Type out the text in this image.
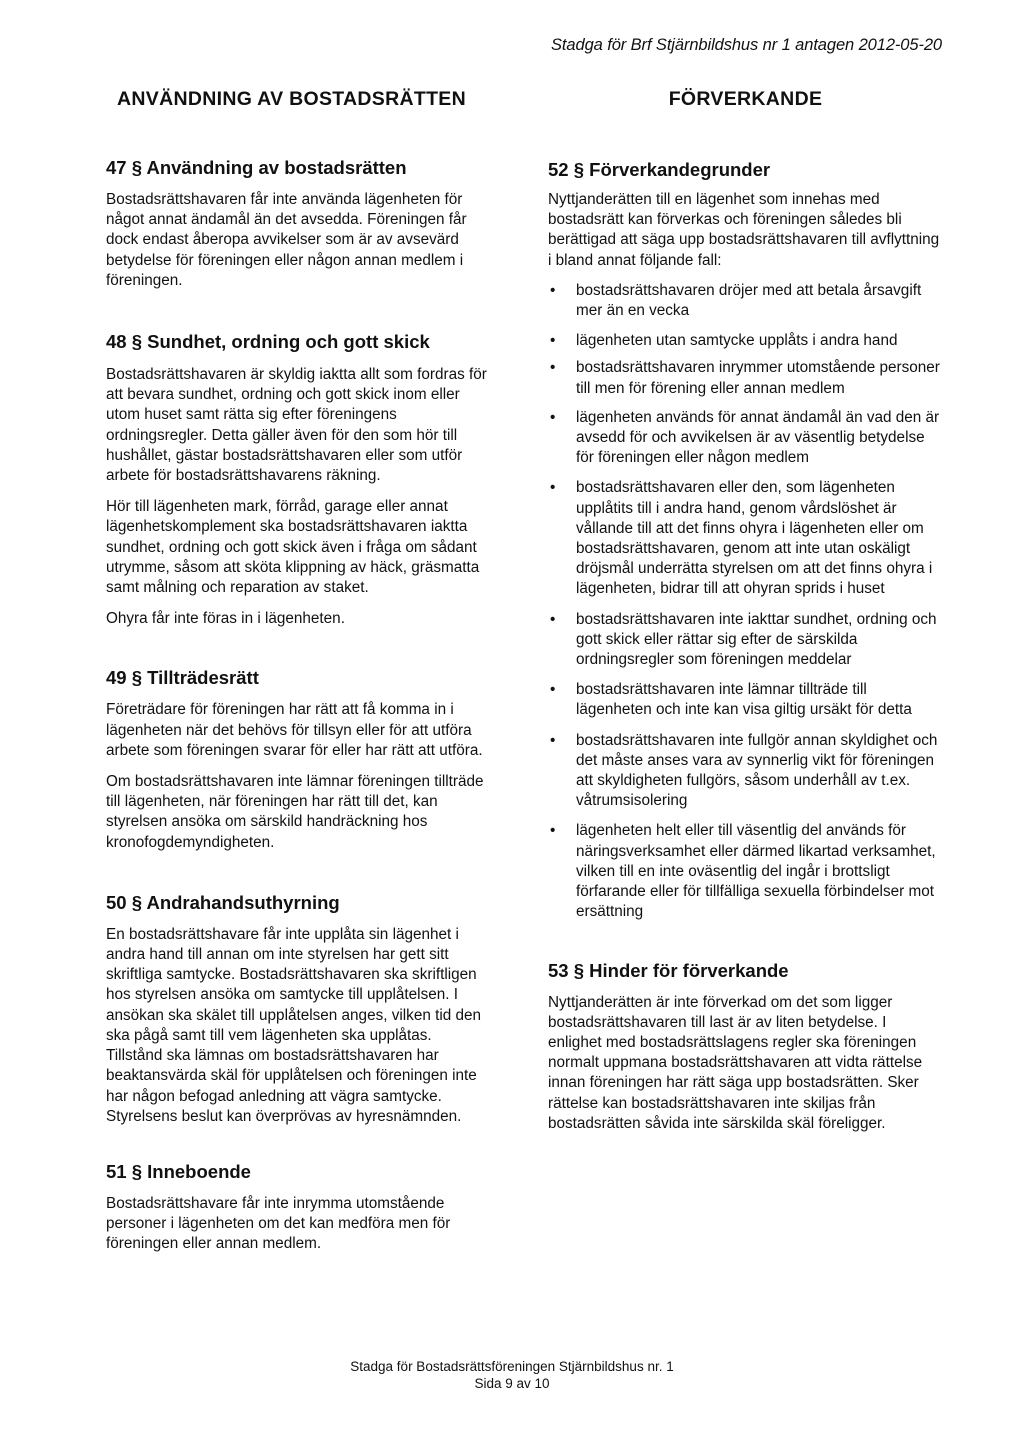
Stadga för Brf Stjärnbildshus nr 1 antagen 2012-05-20
ANVÄNDNING AV BOSTADSRÄTTEN
47 § Användning av bostadsrätten

Bostadsrättshavaren får inte använda lägenheten för något annat ändamål än det avsedda. Föreningen får dock endast åberopa avvikelser som är av avsevärd betydelse för föreningen eller någon annan medlem i föreningen.

48 § Sundhet, ordning och gott skick

Bostadsrättshavaren är skyldig iaktta allt som fordras för att bevara sundhet, ordning och gott skick inom eller utom huset samt rätta sig efter föreningens ordningsregler. Detta gäller även för den som hör till hushållet, gästar bostadsrättshavaren eller som utför arbete för bostadsrättshavarens räkning.

Hör till lägenheten mark, förråd, garage eller annat lägenhetskomplement ska bostadsrättshavaren iaktta sundhet, ordning och gott skick även i fråga om sådant utrymme, såsom att sköta klippning av häck, gräsmatta samt målning och reparation av staket.

Ohyra får inte föras in i lägenheten.

49 § Tillträdesrätt

Företrädare för föreningen har rätt att få komma in i lägenheten när det behövs för tillsyn eller för att utföra arbete som föreningen svarar för eller har rätt att utföra.

Om bostadsrättshavaren inte lämnar föreningen tillträde till lägenheten, när föreningen har rätt till det, kan styrelsen ansöka om särskild handräckning hos kronofogdemyndigheten.

50 § Andrahandsuthyrning

En bostadsrättshavare får inte upplåta sin lägenhet i andra hand till annan om inte styrelsen har gett sitt skriftliga samtycke. Bostadsrättshavaren ska skriftligen hos styrelsen ansöka om samtycke till upplåtelsen. I ansökan ska skälet till upplåtelsen anges, vilken tid den ska pågå samt till vem lägenheten ska upplåtas. Tillstånd ska lämnas om bostadsrättshavaren har beaktansvärda skäl för upplåtelsen och föreningen inte har någon befogad anledning att vägra samtycke. Styrelsens beslut kan överprövas av hyresnämnden.

51 § Inneboende

Bostadsrättshavare får inte inrymma utomstående personer i lägenheten om det kan medföra men för föreningen eller annan medlem.

FÖRVERKANDE
52 § Förverkandegrunder

Nyttjanderätten till en lägenhet som innehas med bostadsrätt kan förverkas och föreningen således bli berättigad att säga upp bostadsrättshavaren till avflyttning i bland annat följande fall:

• bostadsrättshavaren dröjer med att betala årsavgift mer än en vecka
• lägenheten utan samtycke upplåts i andra hand
• bostadsrättshavaren inrymmer utomstående personer till men för förening eller annan medlem
• lägenheten används för annat ändamål än vad den är avsedd för och avvikelsen är av väsentlig betydelse för föreningen eller någon medlem
• bostadsrättshavaren eller den, som lägenheten upplåtits till i andra hand, genom vårdslöshet är vållande till att det finns ohyra i lägenheten eller om bostadsrättshavaren, genom att inte utan oskäligt dröjsmål underrätta styrelsen om att det finns ohyra i lägenheten, bidrar till att ohyran sprids i huset
• bostadsrättshavaren inte iakttar sundhet, ordning och gott skick eller rättar sig efter de särskilda ordningsregler som föreningen meddelar
• bostadsrättshavaren inte lämnar tillträde till lägenheten och inte kan visa giltig ursäkt för detta
• bostadsrättshavaren inte fullgör annan skyldighet och det måste anses vara av synnerlig vikt för föreningen att skyldigheten fullgörs, såsom underhåll av t.ex. våtrumsisolering
• lägenheten helt eller till väsentlig del används för näringsverksamhet eller därmed likartad verksamhet, vilken till en inte oväsentlig del ingår i brottsligt förfarande eller för tillfälliga sexuella förbindelser mot ersättning
53 § Hinder för förverkande

Nyttjanderätten är inte förverkad om det som ligger bostadsrättshavaren till last är av liten betydelse. I enlighet med bostadsrättslagens regler ska föreningen normalt uppmana bostadsrättshavaren att vidta rättelse innan föreningen har rätt säga upp bostadsrätten. Sker rättelse kan bostadsrättshavaren inte skiljas från bostadsrätten såvida inte särskilda skäl föreligger.

Stadga för Bostadsrättsföreningen Stjärnbildshus nr. 1
Sida 9 av 10
